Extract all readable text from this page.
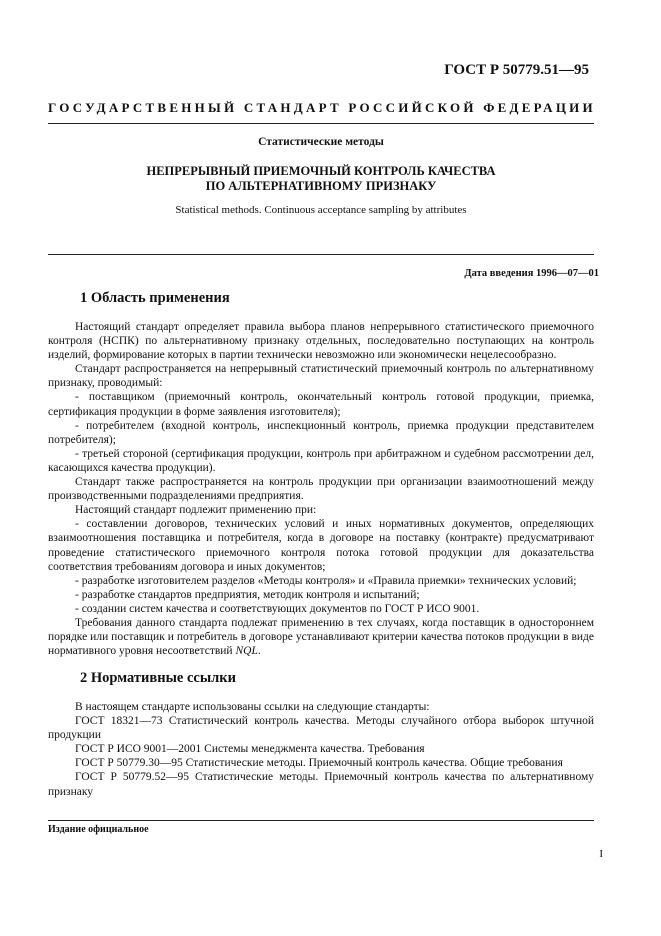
ГОСТ Р 50779.51—95
ГОСУДАРСТВЕННЫЙ СТАНДАРТ РОССИЙСКОЙ ФЕДЕРАЦИИ
Статистические методы
НЕПРЕРЫВНЫЙ ПРИЕМОЧНЫЙ КОНТРОЛЬ КАЧЕСТВА
ПО АЛЬТЕРНАТИВНОМУ ПРИЗНАКУ
Statistical methods. Continuous acceptance sampling by attributes
Дата введения 1996—07—01
1 Область применения

Настоящий стандарт определяет правила выбора планов непрерывного статистического приемочного контроля (НСПК) по альтернативному признаку отдельных, последовательно поступающих на контроль изделий, формирование которых в партии технически невозможно или экономически нецелесообразно.

Стандарт распространяется на непрерывный статистический приемочный контроль по альтернативному признаку, проводимый:

- поставщиком (приемочный контроль, окончательный контроль готовой продукции, приемка, сертификация продукции в форме заявления изготовителя);

- потребителем (входной контроль, инспекционный контроль, приемка продукции представителем потребителя);

- третьей стороной (сертификация продукции, контроль при арбитражном и судебном рассмотрении дел, касающихся качества продукции).

Стандарт также распространяется на контроль продукции при организации взаимоотношений между производственными подразделениями предприятия.

Настоящий стандарт подлежит применению при:

- составлении договоров, технических условий и иных нормативных документов, определяющих взаимоотношения поставщика и потребителя, когда в договоре на поставку (контракте) предусматривают проведение статистического приемочного контроля потока готовой продукции для доказательства соответствия требованиям договора и иных документов;

- разработке изготовителем разделов «Методы контроля» и «Правила приемки» технических условий;

- разработке стандартов предприятия, методик контроля и испытаний;

- создании систем качества и соответствующих документов по ГОСТ Р ИСО 9001.

Требования данного стандарта подлежат применению в тех случаях, когда поставщик в одностороннем порядке или поставщик и потребитель в договоре устанавливают критерии качества потоков продукции в виде нормативного уровня несоответствий NQL.

2 Нормативные ссылки

В настоящем стандарте использованы ссылки на следующие стандарты:

ГОСТ 18321—73 Статистический контроль качества. Методы случайного отбора выборок штучной продукции

ГОСТ Р ИСО 9001—2001 Системы менеджмента качества. Требования

ГОСТ Р 50779.30—95 Статистические методы. Приемочный контроль качества. Общие требования

ГОСТ Р 50779.52—95 Статистические методы. Приемочный контроль качества по альтернативному признаку

Издание официальное
I
